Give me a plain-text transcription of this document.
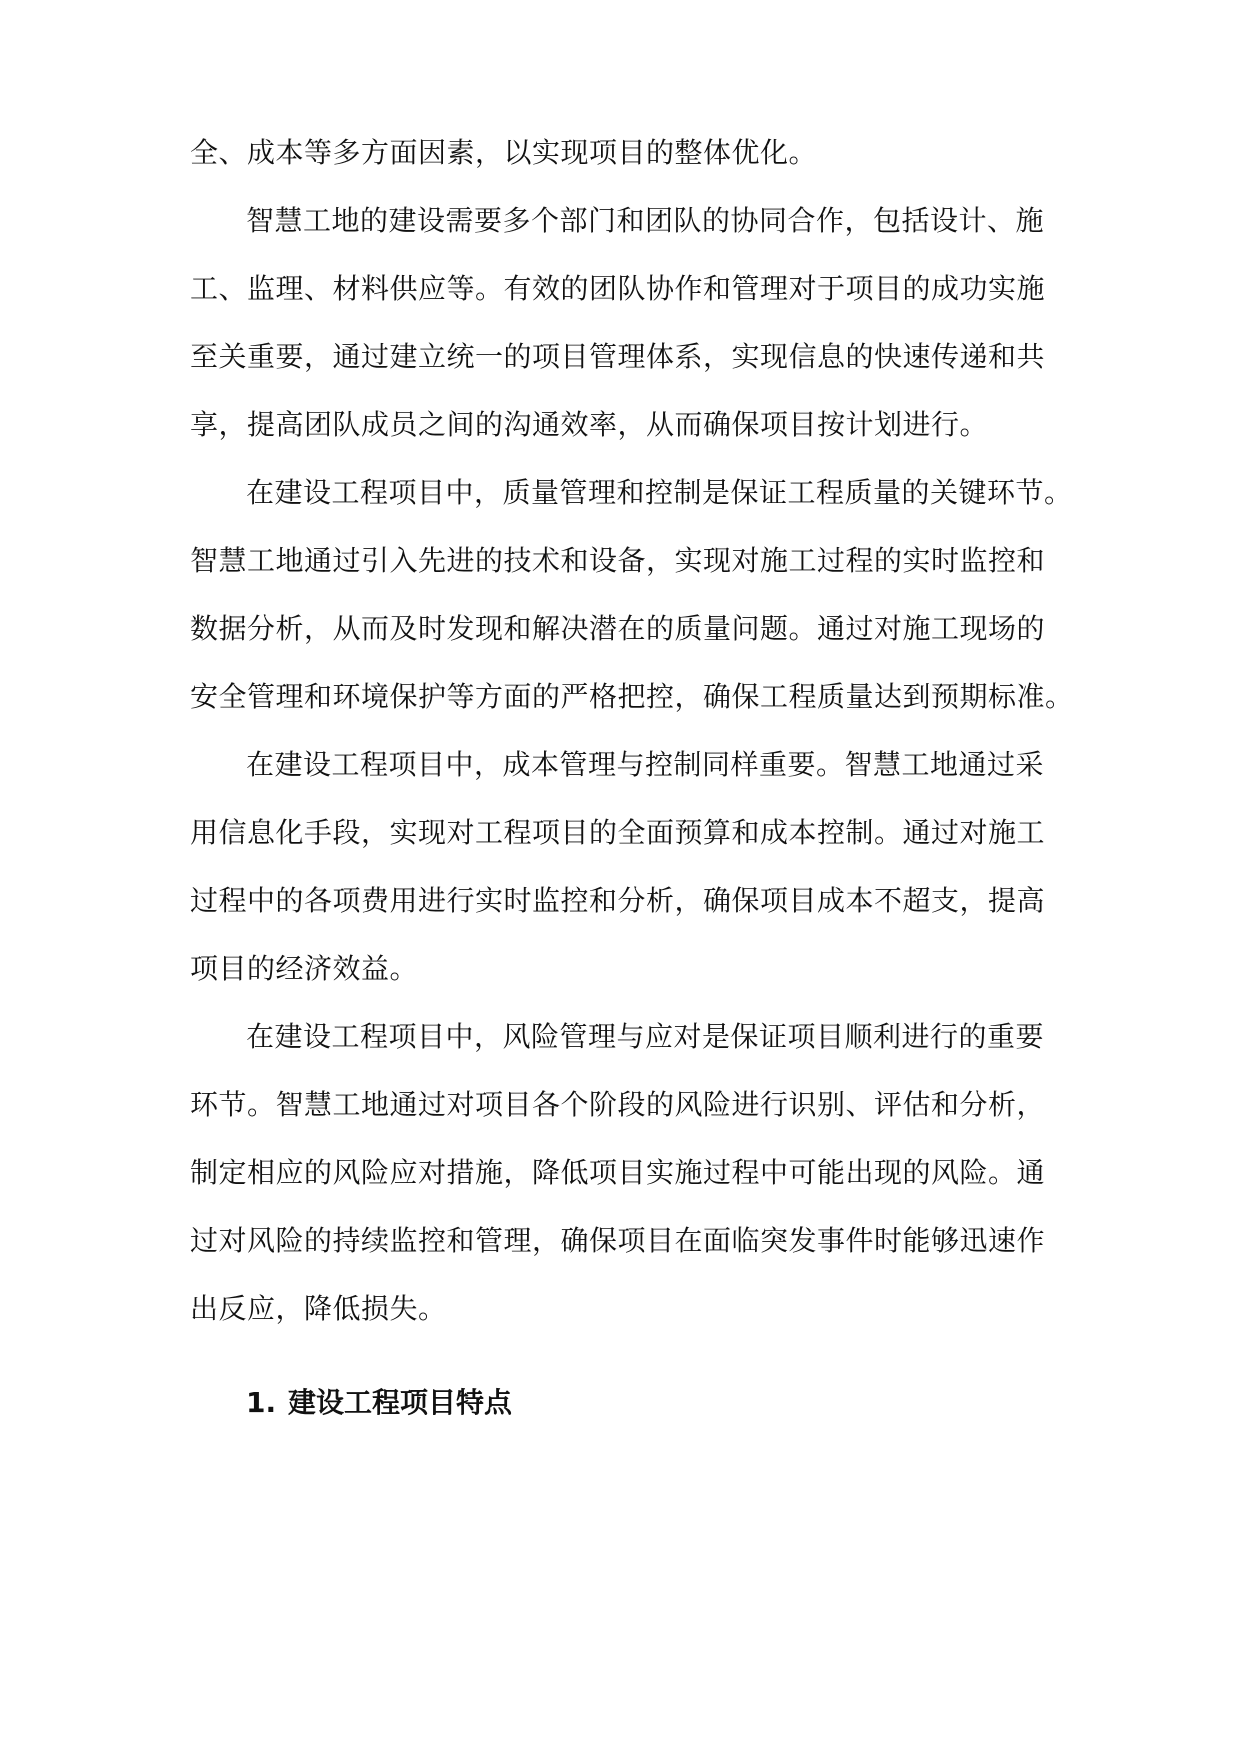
全、成本等多方面因素，以实现项目的整体优化。
智慧工地的建设需要多个部门和团队的协同合作，包括设计、施
工、监理、材料供应等。有效的团队协作和管理对于项目的成功实施
至关重要，通过建立统一的项目管理体系，实现信息的快速传递和共
享，提高团队成员之间的沟通效率，从而确保项目按计划进行。
在建设工程项目中，质量管理和控制是保证工程质量的关键环节。
智慧工地通过引入先进的技术和设备，实现对施工过程的实时监控和
数据分析，从而及时发现和解决潜在的质量问题。通过对施工现场的
安全管理和环境保护等方面的严格把控，确保工程质量达到预期标准。
在建设工程项目中，成本管理与控制同样重要。智慧工地通过采
用信息化手段，实现对工程项目的全面预算和成本控制。通过对施工
过程中的各项费用进行实时监控和分析，确保项目成本不超支，提高
项目的经济效益。
在建设工程项目中，风险管理与应对是保证项目顺利进行的重要
环节。智慧工地通过对项目各个阶段的风险进行识别、评估和分析，
制定相应的风险应对措施，降低项目实施过程中可能出现的风险。通
过对风险的持续监控和管理，确保项目在面临突发事件时能够迅速作
出反应，降低损失。
1. 建设工程项目特点
